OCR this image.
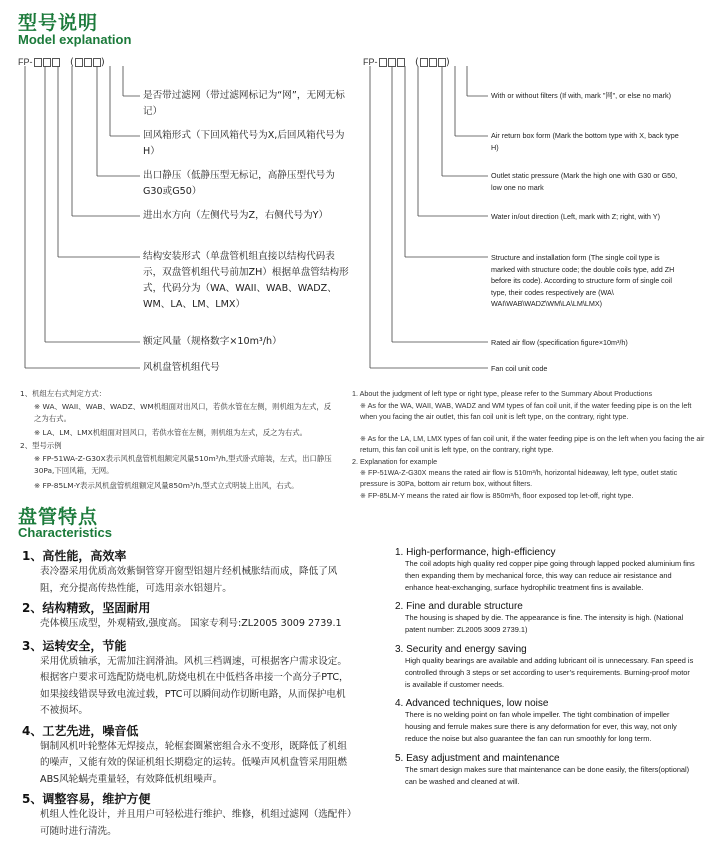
型号说明
Model explanation
FP-	(	)
是否带过滤网（带过滤网标记为“网”，无网无标记）
回风箱形式（下回风箱代号为X,后回风箱代号为H）
出口静压（低静压型无标记，高静压型代号为G30或G50）
进出水方向（左侧代号为Z，右侧代号为Y）
结构安装形式（单盘管机组直接以结构代码表示，双盘管机组代号前加ZH）根据单盘管结构形式，代码分为（WA、WAII、WAB、WADZ、WM、LA、LM、LMX）
额定风量（规格数字×10m³/h）
风机盘管机组代号
FP-	(	)
With or without filters (If with, mark "网", or else no mark)
Air return box form (Mark the bottom type with X, back type H)
Outlet static pressure (Mark the high one with G30 or G50, low one no mark
Water in/out direction (Left, mark with Z; right, with Y)
Structure and installation form (The single coil type is marked with structure code; the double coils type, add ZH before its code). According to structure form of single coil type, their codes respectively are (WA\ WAI\WAB\WADZ\WM\LA\LM\LMX)
Rated air flow (specification figure×10m³/h)
Fan coil unit code
1、机组左右式判定方式：
※ WA、WAII、WAB、WADZ、WM机组面对出风口，若供水管在左侧，则机组为左式，反之为右式。
※ LA、LM、LMX机组面对回风口，若供水管在左侧，则机组为左式，反之为右式。
2、型号示例
※ FP-51WA-Z-G30X表示风机盘管机组额定风量510m³/h,型式卧式暗装，左式，出口静压30Pa,下回风箱，无网。
※ FP-85LM-Y表示风机盘管机组额定风量850m³/h,型式立式明装上出风，右式。
1. About the judgment of left type or right type, please refer to the Summary About Productions
※ As for the WA, WAII, WAB, WADZ and WM types of fan coil unit, if the water feeding pipe is on the left when you facing the air outlet, this fan coil unit is left type, on the contrary, right type.
※ As for the LA, LM, LMX types of fan coil unit, if the water feeding pipe is on the left when you facing the air return, this fan coil unit is left type, on the contrary, right type.
2. Explanation for example
※ FP-51WA-Z-G30X means the rated air flow is 510m³/h, horizontal hideaway, left type, outlet static pressure is 30Pa, bottom air return box, without filters.
※ FP-85LM-Y means the rated air flow is 850m³/h, floor exposed top let-off, right type.
盘管特点
Characteristics
1、高性能，高效率
表冷器采用优质高效紫铜管穿开窗型铝翅片经机械胀结而成，降低了风阻，充分提高传热性能，可选用亲水铝翅片。
2、结构精致，坚固耐用
壳体模压成型，外观精致,强度高。 国家专利号:ZL2005 3009 2739.1
3、运转安全，节能
采用优质轴承，无需加注润滑油。风机三档调速，可根据客户需求设定。根据客户要求可选配防烧电机,防烧电机在中低档各串接一个高分子PTC，如果接线错误导致电流过载，PTC可以瞬间动作切断电路，从而保护电机不被损坏。
4、工艺先进，噪音低
铜制风机叶轮整体无焊接点，轮框套圈紧密组合永不变形，既降低了机组的噪声，又能有效的保证机组长期稳定的运转。低噪声风机盘管采用阻燃ABS风轮蜗壳重量轻，有效降低机组噪声。
5、调整容易，维护方便
机组人性化设计，并且用户可轻松进行维护、维修，机组过滤网（选配件）可随时进行清洗。
1. High-performance, high-efficiency
The coil adopts high quality red copper pipe going through lapped pocked aluminium fins then expanding them by mechanical force, this way can reduce air resistance and enhance heat-exchanging, surface hydrophilic treatment fins is available.
2. Fine and durable structure
The housing is shaped by die. The appearance is fine. The intensity is high. (National patent number: ZL2005 3009 2739.1)
3. Security and energy saving
High quality bearings are available and adding lubricant oil is unnecessary. Fan speed is controlled through 3 steps or set according to user’s requirements. Burning-proof motor is available if customer needs.
4. Advanced techniques, low noise
There is no welding point on fan whole impeller. The tight combination of impeller housing and ferrule makes sure there is any deformation for ever, this way, not only reduce the noise but also guarantee the fan can run smoothly for long term.
5. Easy adjustment and maintenance
The smart design makes sure that maintenance can be done easily, the filters(optional) can be washed and cleaned at will.
